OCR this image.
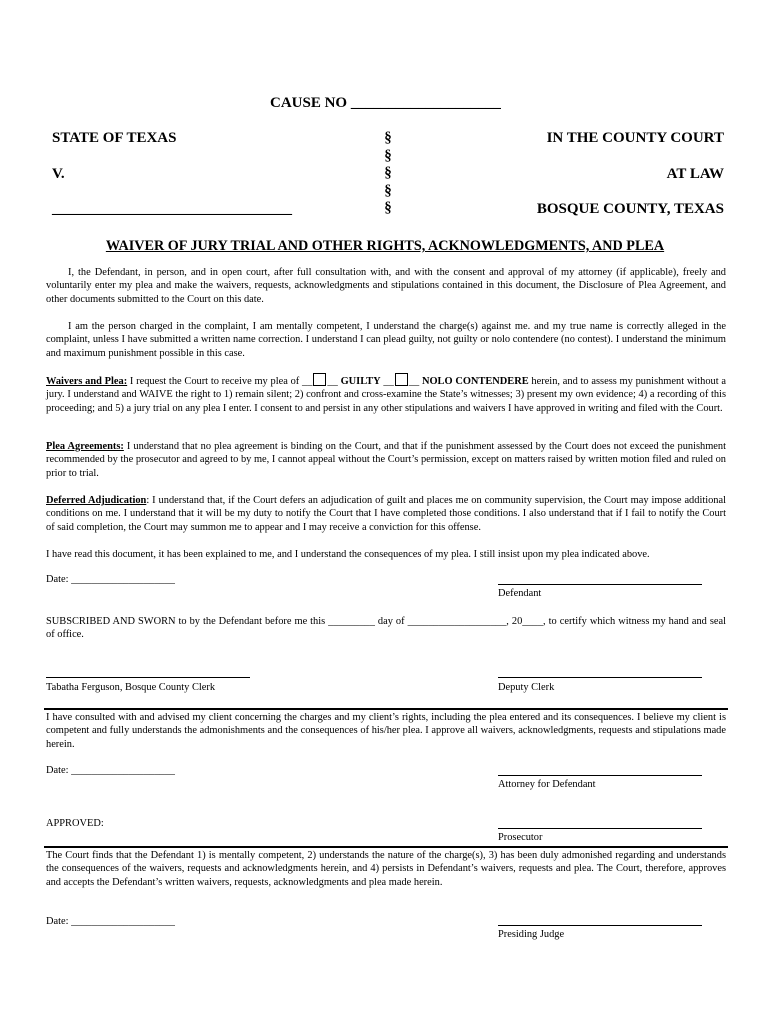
CAUSE NO ____________________
STATE OF TEXAS
V.
________________________________
§
§
§
§
§
IN THE COUNTY COURT
AT LAW
BOSQUE COUNTY, TEXAS
WAIVER OF JURY TRIAL AND OTHER RIGHTS, ACKNOWLEDGMENTS, AND PLEA
I, the Defendant, in person, and in open court, after full consultation with, and with the consent and approval of my attorney (if applicable), freely and voluntarily enter my plea and make the waivers, requests, acknowledgments and stipulations contained in this document, the Disclosure of Plea Agreement, and other documents submitted to the Court on this date.
I am the person charged in the complaint, I am mentally competent, I understand the charge(s) against me. and my true name is correctly alleged in the complaint, unless I have submitted a written name correction. I understand I can plead guilty, not guilty or nolo contendere (no contest). I understand the minimum and maximum punishment possible in this case.
Waivers and Plea: I request the Court to receive my plea of __ __ GUILTY __ __ NOLO CONTENDERE herein, and to assess my punishment without a jury. I understand and WAIVE the right to 1) remain silent; 2) confront and cross-examine the State’s witnesses; 3) present my own evidence; 4) a recording of this proceeding; and 5) a jury trial on any plea I enter. I consent to and persist in any other stipulations and waivers I have approved in writing and filed with the Court.
Plea Agreements: I understand that no plea agreement is binding on the Court, and that if the punishment assessed by the Court does not exceed the punishment recommended by the prosecutor and agreed to by me, I cannot appeal without the Court’s permission, except on matters raised by written motion filed and ruled on prior to trial.
Deferred Adjudication: I understand that, if the Court defers an adjudication of guilt and places me on community supervision, the Court may impose additional conditions on me. I understand that it will be my duty to notify the Court that I have completed those conditions. I also understand that if I fail to notify the Court of said completion, the Court may summon me to appear and I may receive a conviction for this offense.
I have read this document, it has been explained to me, and I understand the consequences of my plea. I still insist upon my plea indicated above.
Date: ____________________
Defendant
SUBSCRIBED AND SWORN to by the Defendant before me this _________ day of ___________________, 20____, to certify which witness my hand and seal of office.
Tabatha Ferguson, Bosque County Clerk	Deputy Clerk
I have consulted with and advised my client concerning the charges and my client’s rights, including the plea entered and its consequences. I believe my client is competent and fully understands the admonishments and the consequences of his/her plea. I approve all waivers, acknowledgments, requests and stipulations made herein.
Date: ____________________
Attorney for Defendant
APPROVED:
Prosecutor
The Court finds that the Defendant 1) is mentally competent, 2) understands the nature of the charge(s), 3) has been duly admonished regarding and understands the consequences of the waivers, requests and acknowledgments herein, and 4) persists in Defendant’s waivers, requests and plea. The Court, therefore, approves and accepts the Defendant’s written waivers, requests, acknowledgments and plea made herein.
Date: ____________________
Presiding Judge
